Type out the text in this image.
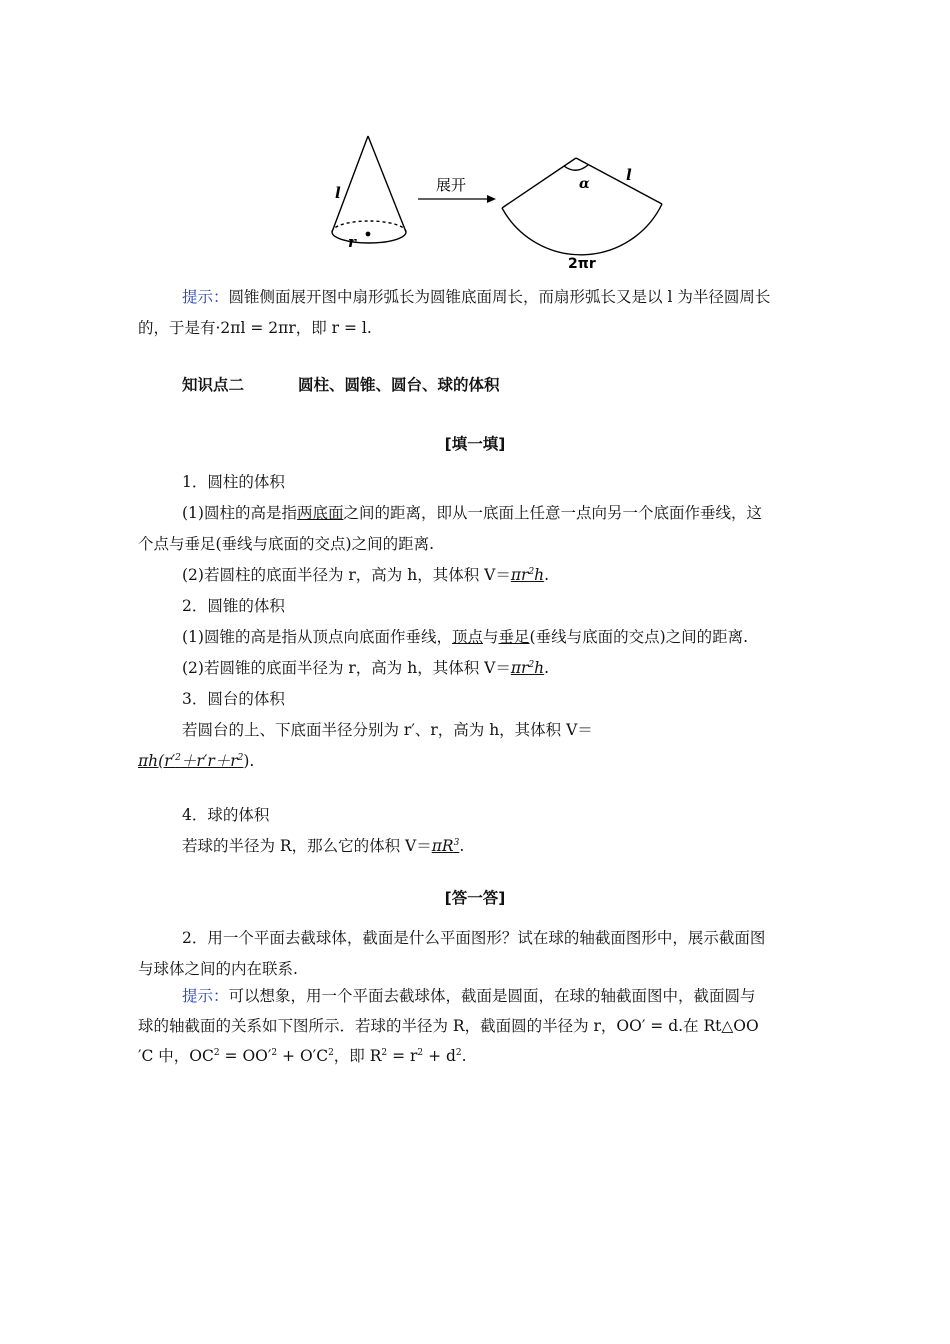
l
r
展开	α l
2πr
提示：圆锥侧面展开图中扇形弧长为圆锥底面周长，而扇形弧长又是以 l 为半径圆周长
的，于是有·2πl = 2πr，即 r = l.
知识点二	圆柱、圆锥、圆台、球的体积
[填一填]
1．圆柱的体积
(1)圆柱的高是指两底面之间的距离，即从一底面上任意一点向另一个底面作垂线，这
个点与垂足(垂线与底面的交点)之间的距离.
(2)若圆柱的底面半径为 r，高为 h，其体积 $V=\pi r^2h$.
2．圆锥的体积
(1)圆锥的高是指从顶点向底面作垂线，顶点与垂足(垂线与底面的交点)之间的距离.
(2)若圆锥的底面半径为 r，高为 h，其体积 $V=\pi r^2h$.
3．圆台的体积
若圆台的上、下底面半径分别为 r′、r，高为 h，其体积 V＝
$\pi h(r'^2+r'r+r^2)$.
4．球的体积
若球的半径为 R，那么它的体积 $V=\pi R^3$.
[答一答]
2．用一个平面去截球体，截面是什么平面图形？试在球的轴截面图形中，展示截面图
与球体之间的内在联系.
提示：可以想象，用一个平面去截球体，截面是圆面，在球的轴截面图中，截面圆与
球的轴截面的关系如下图所示．若球的半径为 R，截面圆的半径为 r，OO′ = d.在 Rt△OO
′C 中，$OC^2 = OO'^2 + O'C^2$，即 $R^2 = r^2 + d^2$.
